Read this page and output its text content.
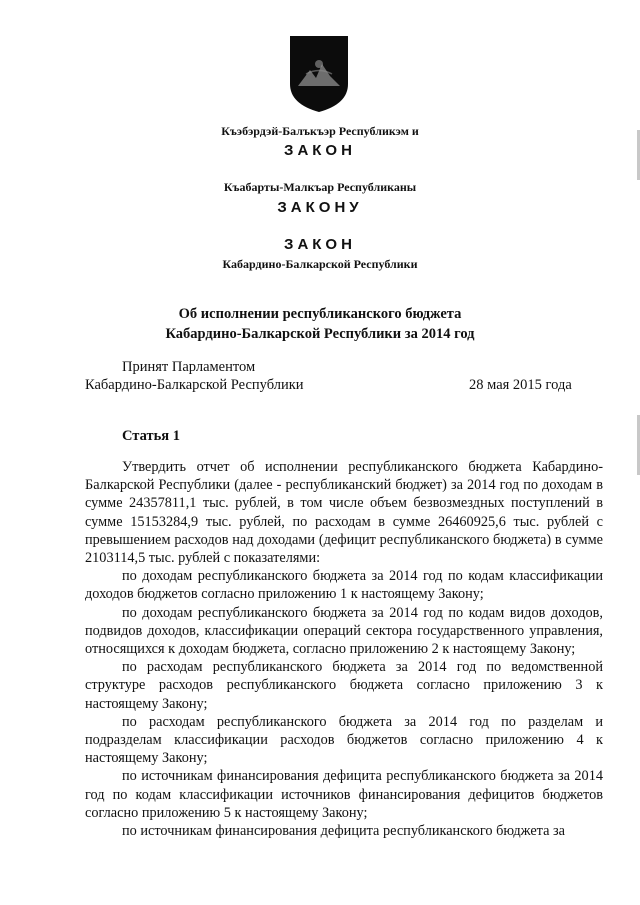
Къэбэрдэй-Балъкъэр Республикэм и
ЗАКОН
Къабарты-Малкъар Республиканы
ЗАКОНУ
ЗАКОН
Кабардино-Балкарской Республики
Об исполнении республиканского бюджета
Кабардино-Балкарской Республики за 2014 год
Принят Парламентом
Кабардино-Балкарской Республики	28 мая 2015 года
Статья 1

Утвердить отчет об исполнении республиканского бюджета Кабардино-Балкарской Республики (далее - республиканский бюджет) за 2014 год по доходам в сумме 24357811,1 тыс. рублей, в том числе объем безвозмездных поступлений в сумме 15153284,9 тыс. рублей, по расходам в сумме 26460925,6 тыс. рублей с превышением расходов над доходами (дефицит республиканского бюджета) в сумме 2103114,5 тыс. рублей с показателями:

по доходам республиканского бюджета за 2014 год по кодам классификации доходов бюджетов согласно приложению 1 к настоящему Закону;

по доходам республиканского бюджета за 2014 год по кодам видов доходов, подвидов доходов, классификации операций сектора государственного управления, относящихся к доходам бюджета, согласно приложению 2 к настоящему Закону;

по расходам республиканского бюджета за 2014 год по ведомственной структуре расходов республиканского бюджета согласно приложению 3 к настоящему Закону;

по расходам республиканского бюджета за 2014 год по разделам и подразделам классификации расходов бюджетов согласно приложению 4 к настоящему Закону;

по источникам финансирования дефицита республиканского бюджета за 2014 год по кодам классификации источников финансирования дефицитов бюджетов согласно приложению 5 к настоящему Закону;

по источникам финансирования дефицита республиканского бюджета за
